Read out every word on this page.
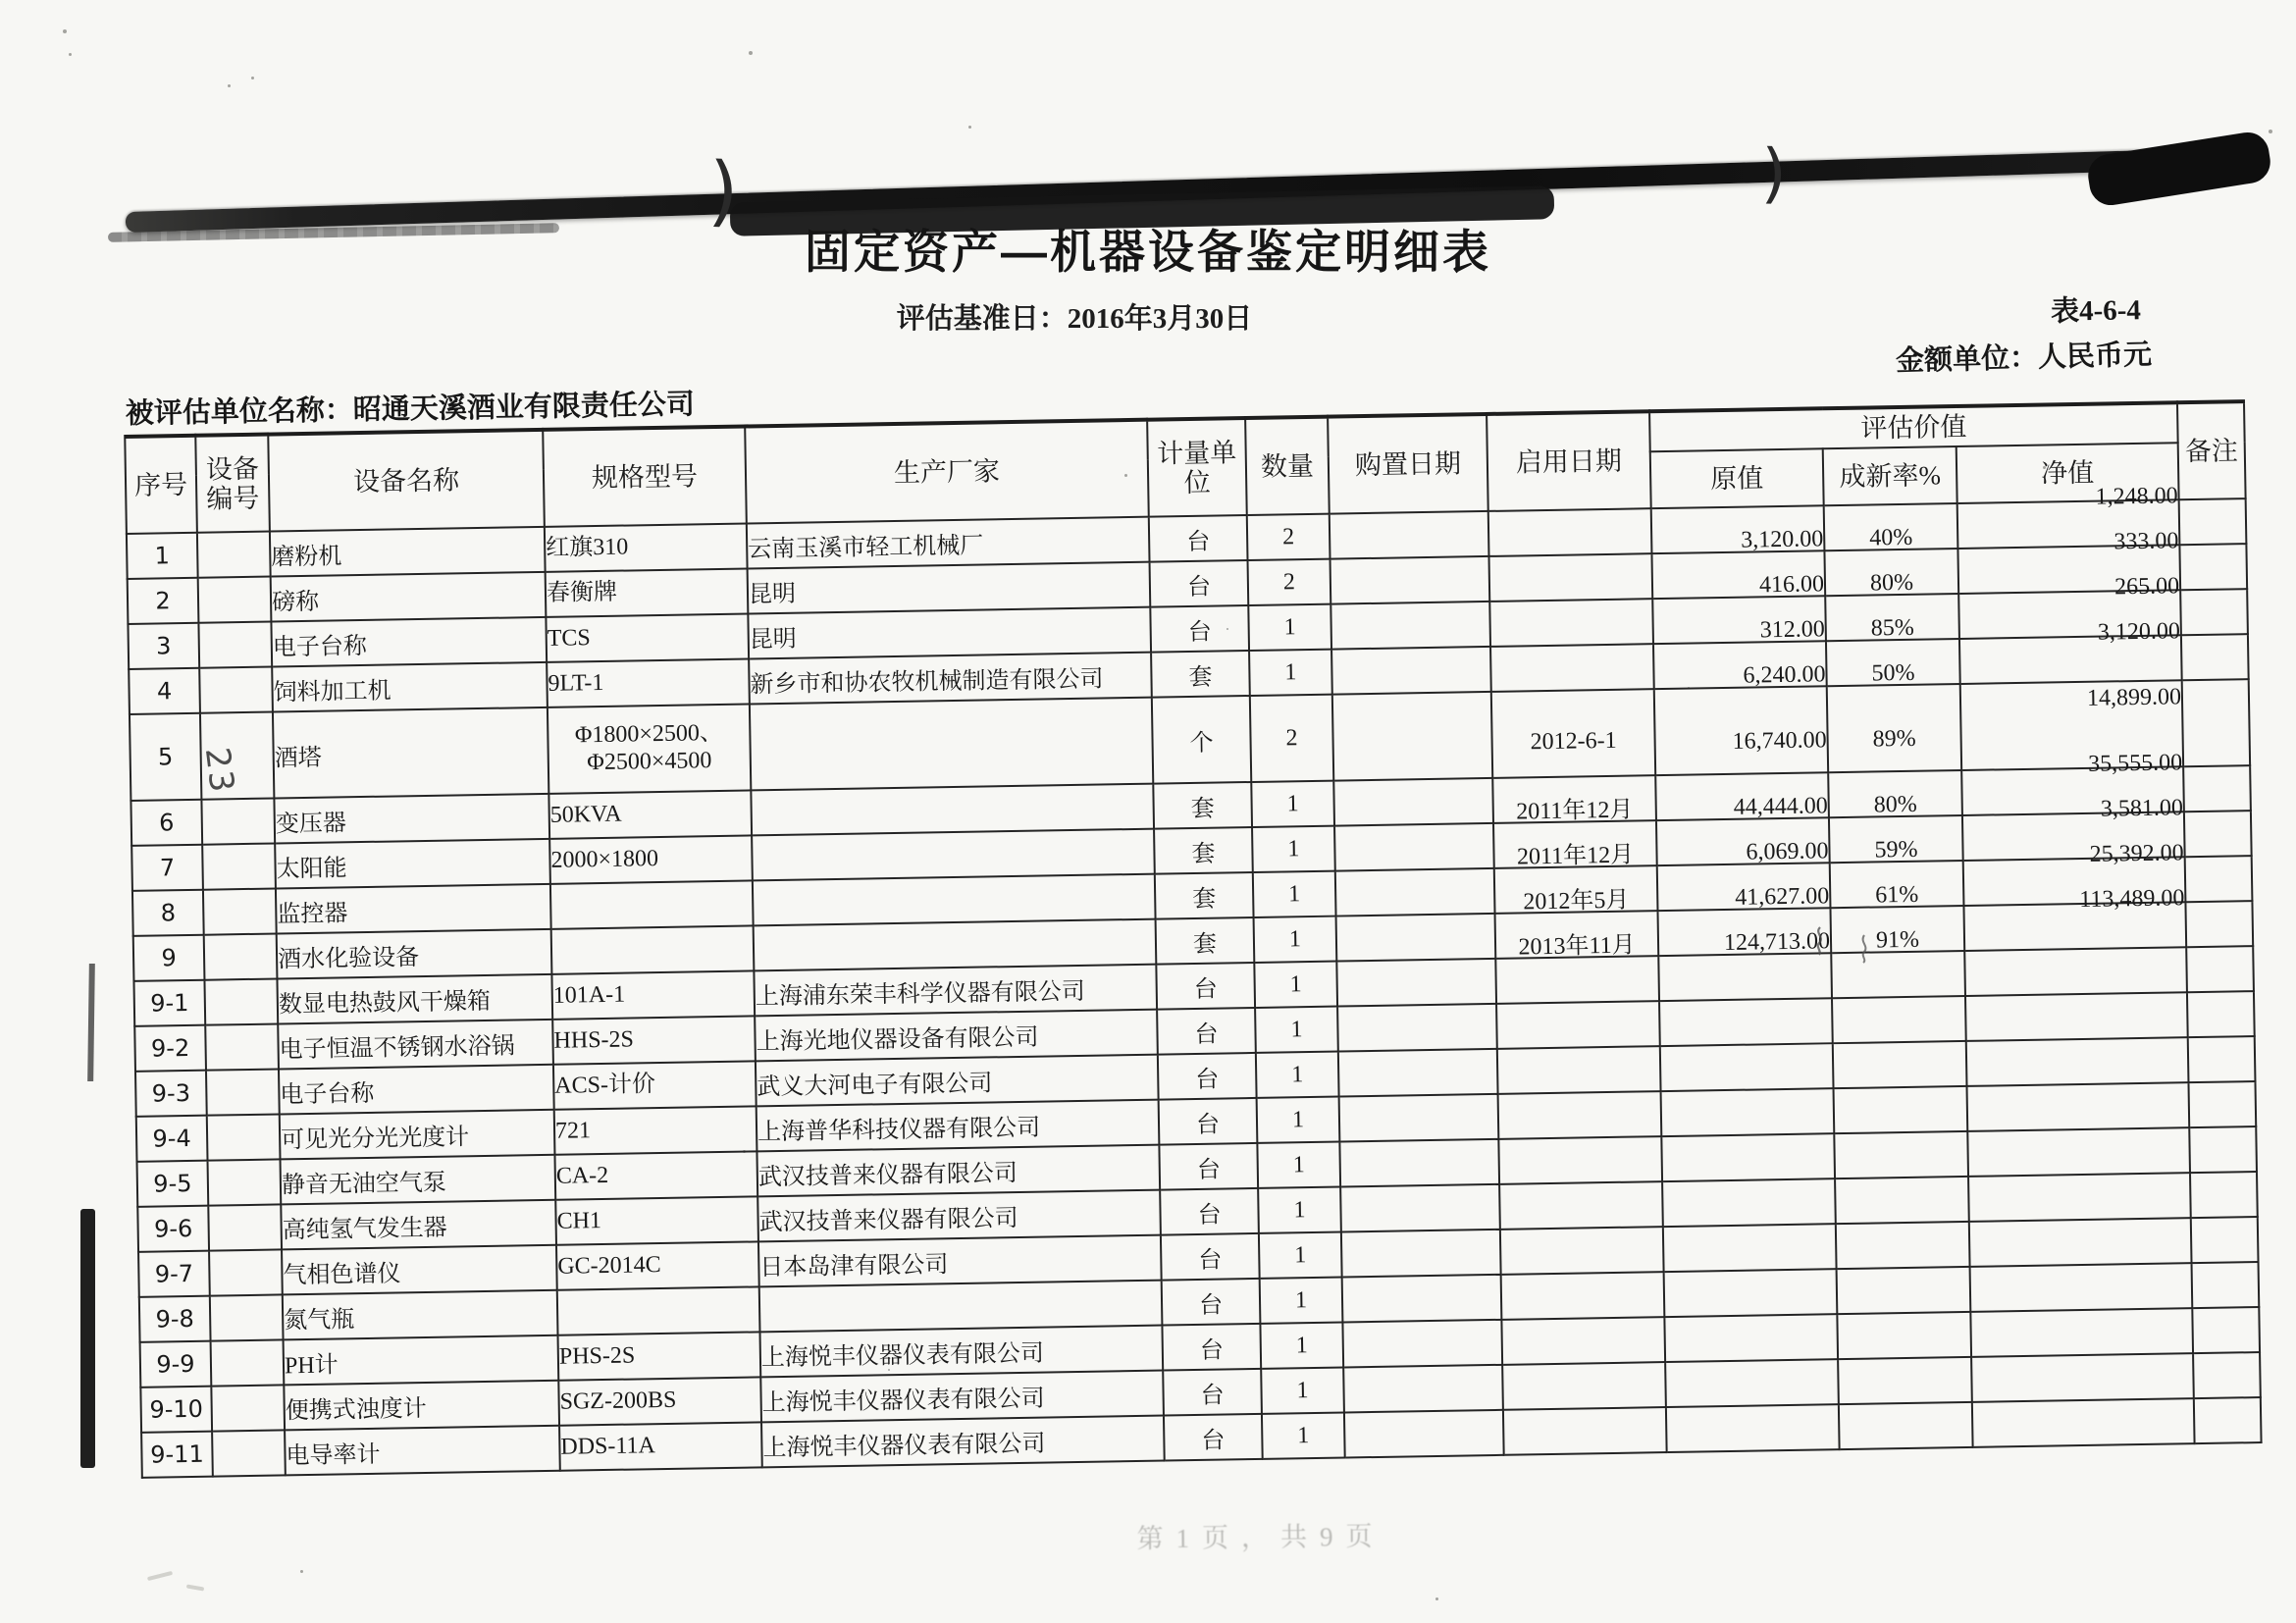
)	)
固定资产—机器设备鉴定明细表
评估基准日：2016年3月30日	表4-6-4
金额单位：人民币元
被评估单位名称：昭通天溪酒业有限责任公司
序号	设备编号	设备名称	规格型号	生产厂家	计量单位	数量	购置日期	启用日期	评估价值			备注
									原值	成新率%	净值	
1		磨粉机	红旗310	云南玉溪市轻工机械厂	台	2			3,120.00	40%	1,248.00	
2		磅称	春衡牌	昆明	台	2			416.00	80%	333.00	
3		电子台称	TCS	昆明	台	1			312.00	85%	265.00	
4		饲料加工机	9LT-1	新乡市和协农牧机械制造有限公司	套	1			6,240.00	50%	3,120.00	
5		酒塔	Φ1800×2500、 Φ2500×4500		个	2		2012-6-1	16,740.00	89%	14,899.00	
6		变压器	50KVA		套	1		2011年12月	44,444.00	80%	35,555.00	
7		太阳能	2000×1800		套	1		2011年12月	6,069.00	59%	3,581.00	
8		监控器			套	1		2012年5月	41,627.00	61%	25,392.00	
9		酒水化验设备			套	1		2013年11月	124,713.00	91%	113,489.00	
9-1		数显电热鼓风干燥箱	101A-1	上海浦东荣丰科学仪器有限公司	台	1						
9-2		电子恒温不锈钢水浴锅	HHS-2S	上海光地仪器设备有限公司	台	1						
9-3		电子台称	ACS-计价	武义大河电子有限公司	台	1						
9-4		可见光分光光度计	721	上海普华科技仪器有限公司	台	1						
9-5		静音无油空气泵	CA-2	武汉技普来仪器有限公司	台	1						
9-6		高纯氢气发生器	CH1	武汉技普来仪器有限公司	台	1						
9-7		气相色谱仪	GC-2014C	日本岛津有限公司	台	1						
9-8		氮气瓶			台	1						
9-9		PH计	PHS-2S	上海悦丰仪器仪表有限公司	台	1						
9-10		便携式浊度计	SGZ-200BS	上海悦丰仪器仪表有限公司	台	1						
9-11		电导率计	DDS-11A	上海悦丰仪器仪表有限公司	台	1						
23
第1页，共9页
